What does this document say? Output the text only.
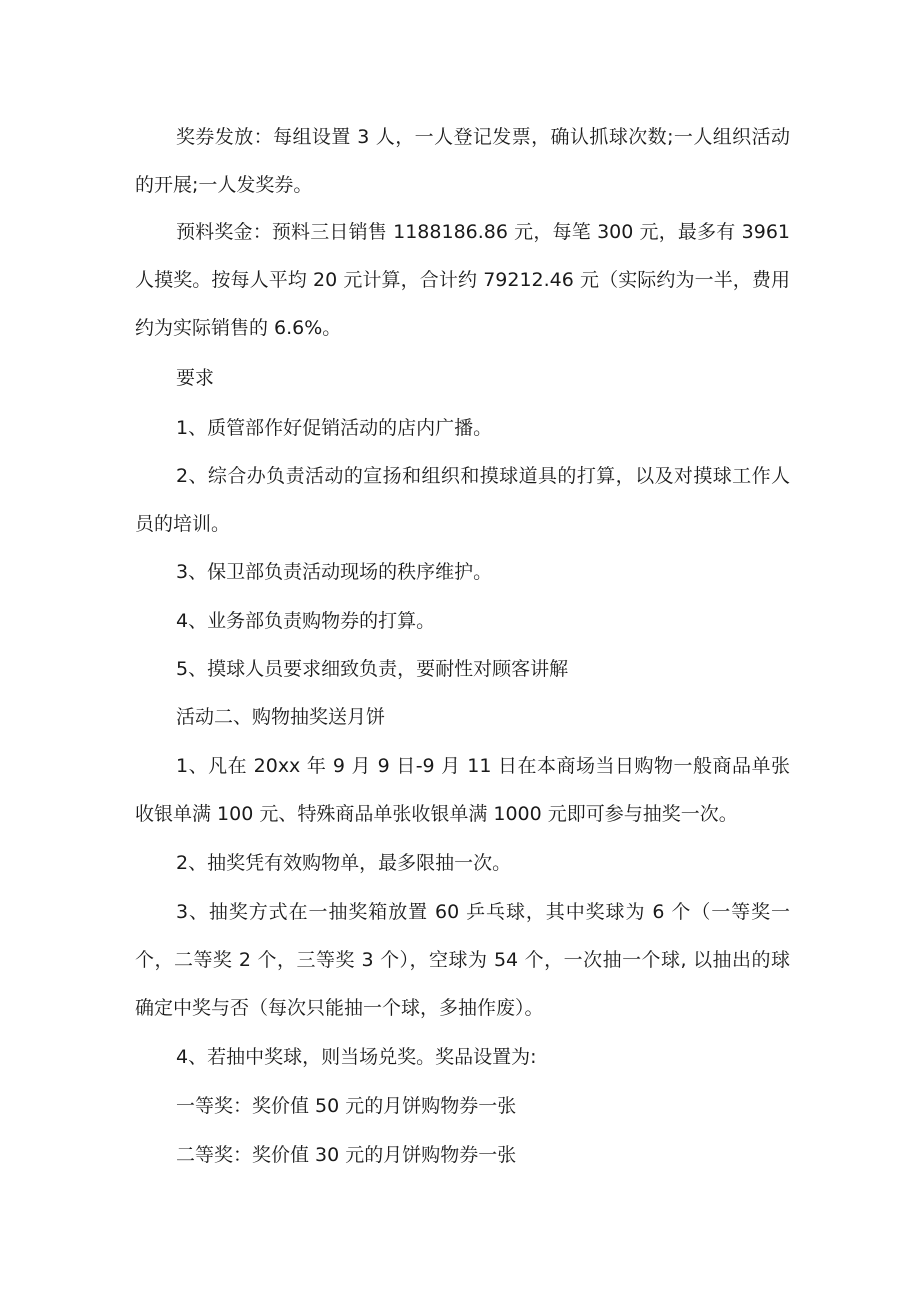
奖券发放：每组设置 3 人，一人登记发票，确认抓球次数;一人组织活动的开展;一人发奖券。

预料奖金：预料三日销售 1188186.86 元，每笔 300 元，最多有 3961 人摸奖。按每人平均 20 元计算，合计约 79212.46 元（实际约为一半，费用约为实际销售的 6.6%。

要求

1、质管部作好促销活动的店内广播。

2、综合办负责活动的宣扬和组织和摸球道具的打算，以及对摸球工作人员的培训。

3、保卫部负责活动现场的秩序维护。

4、业务部负责购物券的打算。

5、摸球人员要求细致负责，要耐性对顾客讲解

活动二、购物抽奖送月饼

1、凡在 20xx 年 9 月 9 日-9 月 11 日在本商场当日购物一般商品单张收银单满 100 元、特殊商品单张收银单满 1000 元即可参与抽奖一次。

2、抽奖凭有效购物单，最多限抽一次。

3、抽奖方式在一抽奖箱放置 60 乒乓球，其中奖球为 6 个（一等奖一个，二等奖 2 个，三等奖 3 个），空球为 54 个，一次抽一个球, 以抽出的球确定中奖与否（每次只能抽一个球，多抽作废）。

4、若抽中奖球，则当场兑奖。奖品设置为:

一等奖：奖价值 50 元的月饼购物券一张

二等奖：奖价值 30 元的月饼购物券一张
